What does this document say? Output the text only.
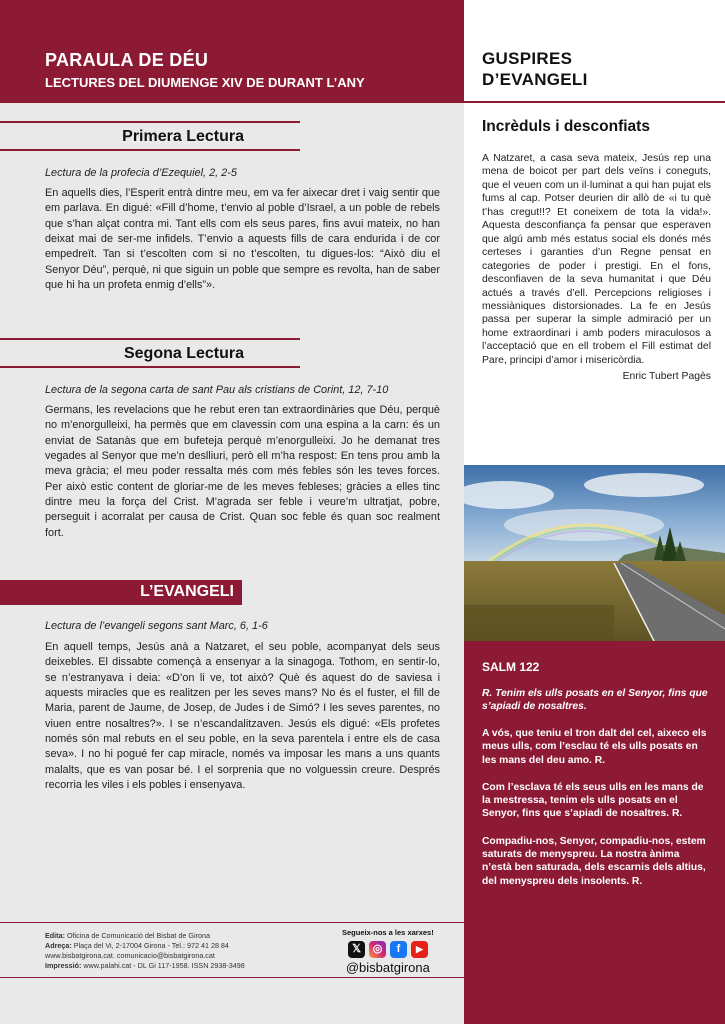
PARAULA DE DÉU
LECTURES DEL DIUMENGE XIV DE DURANT L’ANY
Primera Lectura
Lectura de la profecia d’Ezequiel, 2, 2-5
En aquells dies, l’Esperit entrà dintre meu, em va fer aixecar dret i vaig sentir que em parlava. En digué: «Fill d’home, t’envio al poble d’Israel, a un poble de rebels que s’han alçat contra mi. Tant ells com els seus pares, fins avui mateix, no han deixat mai de ser-me infidels. T’envio a aquests fills de cara endurida i de cor empedreït. Tan si t’escolten com si no t’escolten, tu digues-los: “Això diu el Senyor Déu”, perquè, ni que siguin un poble que sempre es revolta, han de saber que hi ha un profeta enmig d’ells”».
Segona Lectura
Lectura de la segona carta de sant Pau als cristians de Corint, 12, 7-10
Germans, les revelacions que he rebut eren tan extraordinàries que Déu, perquè no m’enorgulleixi, ha permès que em clavessin com una espina a la carn: és un enviat de Satanàs que em bufeteja perquè m’enorgulleixi. Jo he demanat tres vegades al Senyor que me’n deslliuri, però ell m’ha respost: En tens prou amb la meva gràcia; el meu poder ressalta més com més febles són les teves forces. Per això estic content de gloriar-me de les meves febleses; gràcies a elles tinc dintre meu la força del Crist. M’agrada ser feble i veure’m ultratjat, pobre, perseguit i acorralat per causa de Crist. Quan soc feble és quan soc realment fort.
L’EVANGELI
Lectura de l’evangeli segons sant Marc, 6, 1-6
En aquell temps, Jesús anà a Natzaret, el seu poble, acompanyat dels seus deixebles. El dissabte començà a ensenyar a la sinagoga. Tothom, en sentir-lo, se n’estranyava i deia: «D’on li ve, tot això? Què és aquest do de saviesa i aquests miracles que es realitzen per les seves mans? No és el fuster, el fill de Maria, parent de Jaume, de Josep, de Judes i de Simó? I les seves parentes, no viuen entre nosaltres?». I se n’escandalitzaven. Jesús els digué: «Els profetes només són mal rebuts en el seu poble, en la seva parentela i entre els de casa seva». I no hi pogué fer cap miracle, només va imposar les mans a uns quants malalts, que es van posar bé. I el sorprenia que no volguessin creure. Després recorria les viles i els pobles i ensenyava.
Edita: Oficina de Comunicació del Bisbat de Girona
Adreça: Plaça del Vi, 2-17004 Girona - Tel.: 972 41 28 84
www.bisbatgirona.cat. comunicacio@bisbatgirona.cat
Impressió: www.palahi.cat - DL Gi 117-1958. ISSN 2938-3498
Segueix-nos a les xarxes!
𝕏	◎	f	▶
@bisbatgirona
GUSPIRES
D’EVANGELI
Incrèduls i desconfiats

A Natzaret, a casa seva mateix, Jesús rep una mena de boicot per part dels veïns i coneguts, que el veuen com un il·luminat a qui han pujat els fums al cap. Potser deurien dir allò de «i tu què t’has cregut!!? Et coneixem de tota la vida!». Aquesta desconfiança fa pensar que esperaven que algú amb més estatus social els donés més certeses i garanties d’un Regne pensat en categories de poder i prestigi. En el fons, desconfiaven de la seva humanitat i que Déu actués a través d’ell. Percepcions religioses i messiàniques distorsionades. La fe en Jesús passa per superar la simple admiració per un home extraordinari i amb poders miraculosos a l’acceptació que en ell trobem el Fill estimat del Pare, principi d’amor i misericòrdia.

Enric Tubert Pagès
SALM 122
R. Tenim els ulls posats en el Senyor, fins que s’apiadi de nosaltres.
A vós, que teniu el tron dalt del cel, aixeco els meus ulls, com l’esclau té els ulls posats en les mans del deu amo. R.
Com l’esclava té els seus ulls en les mans de la mestressa, tenim els ulls posats en el Senyor, fins que s’apiadi de nosaltres. R.
Compadiu-nos, Senyor, compadiu-nos, estem saturats de menyspreu. La nostra ànima n’està ben saturada, dels escarnis dels altius, del menyspreu dels insolents. R.
